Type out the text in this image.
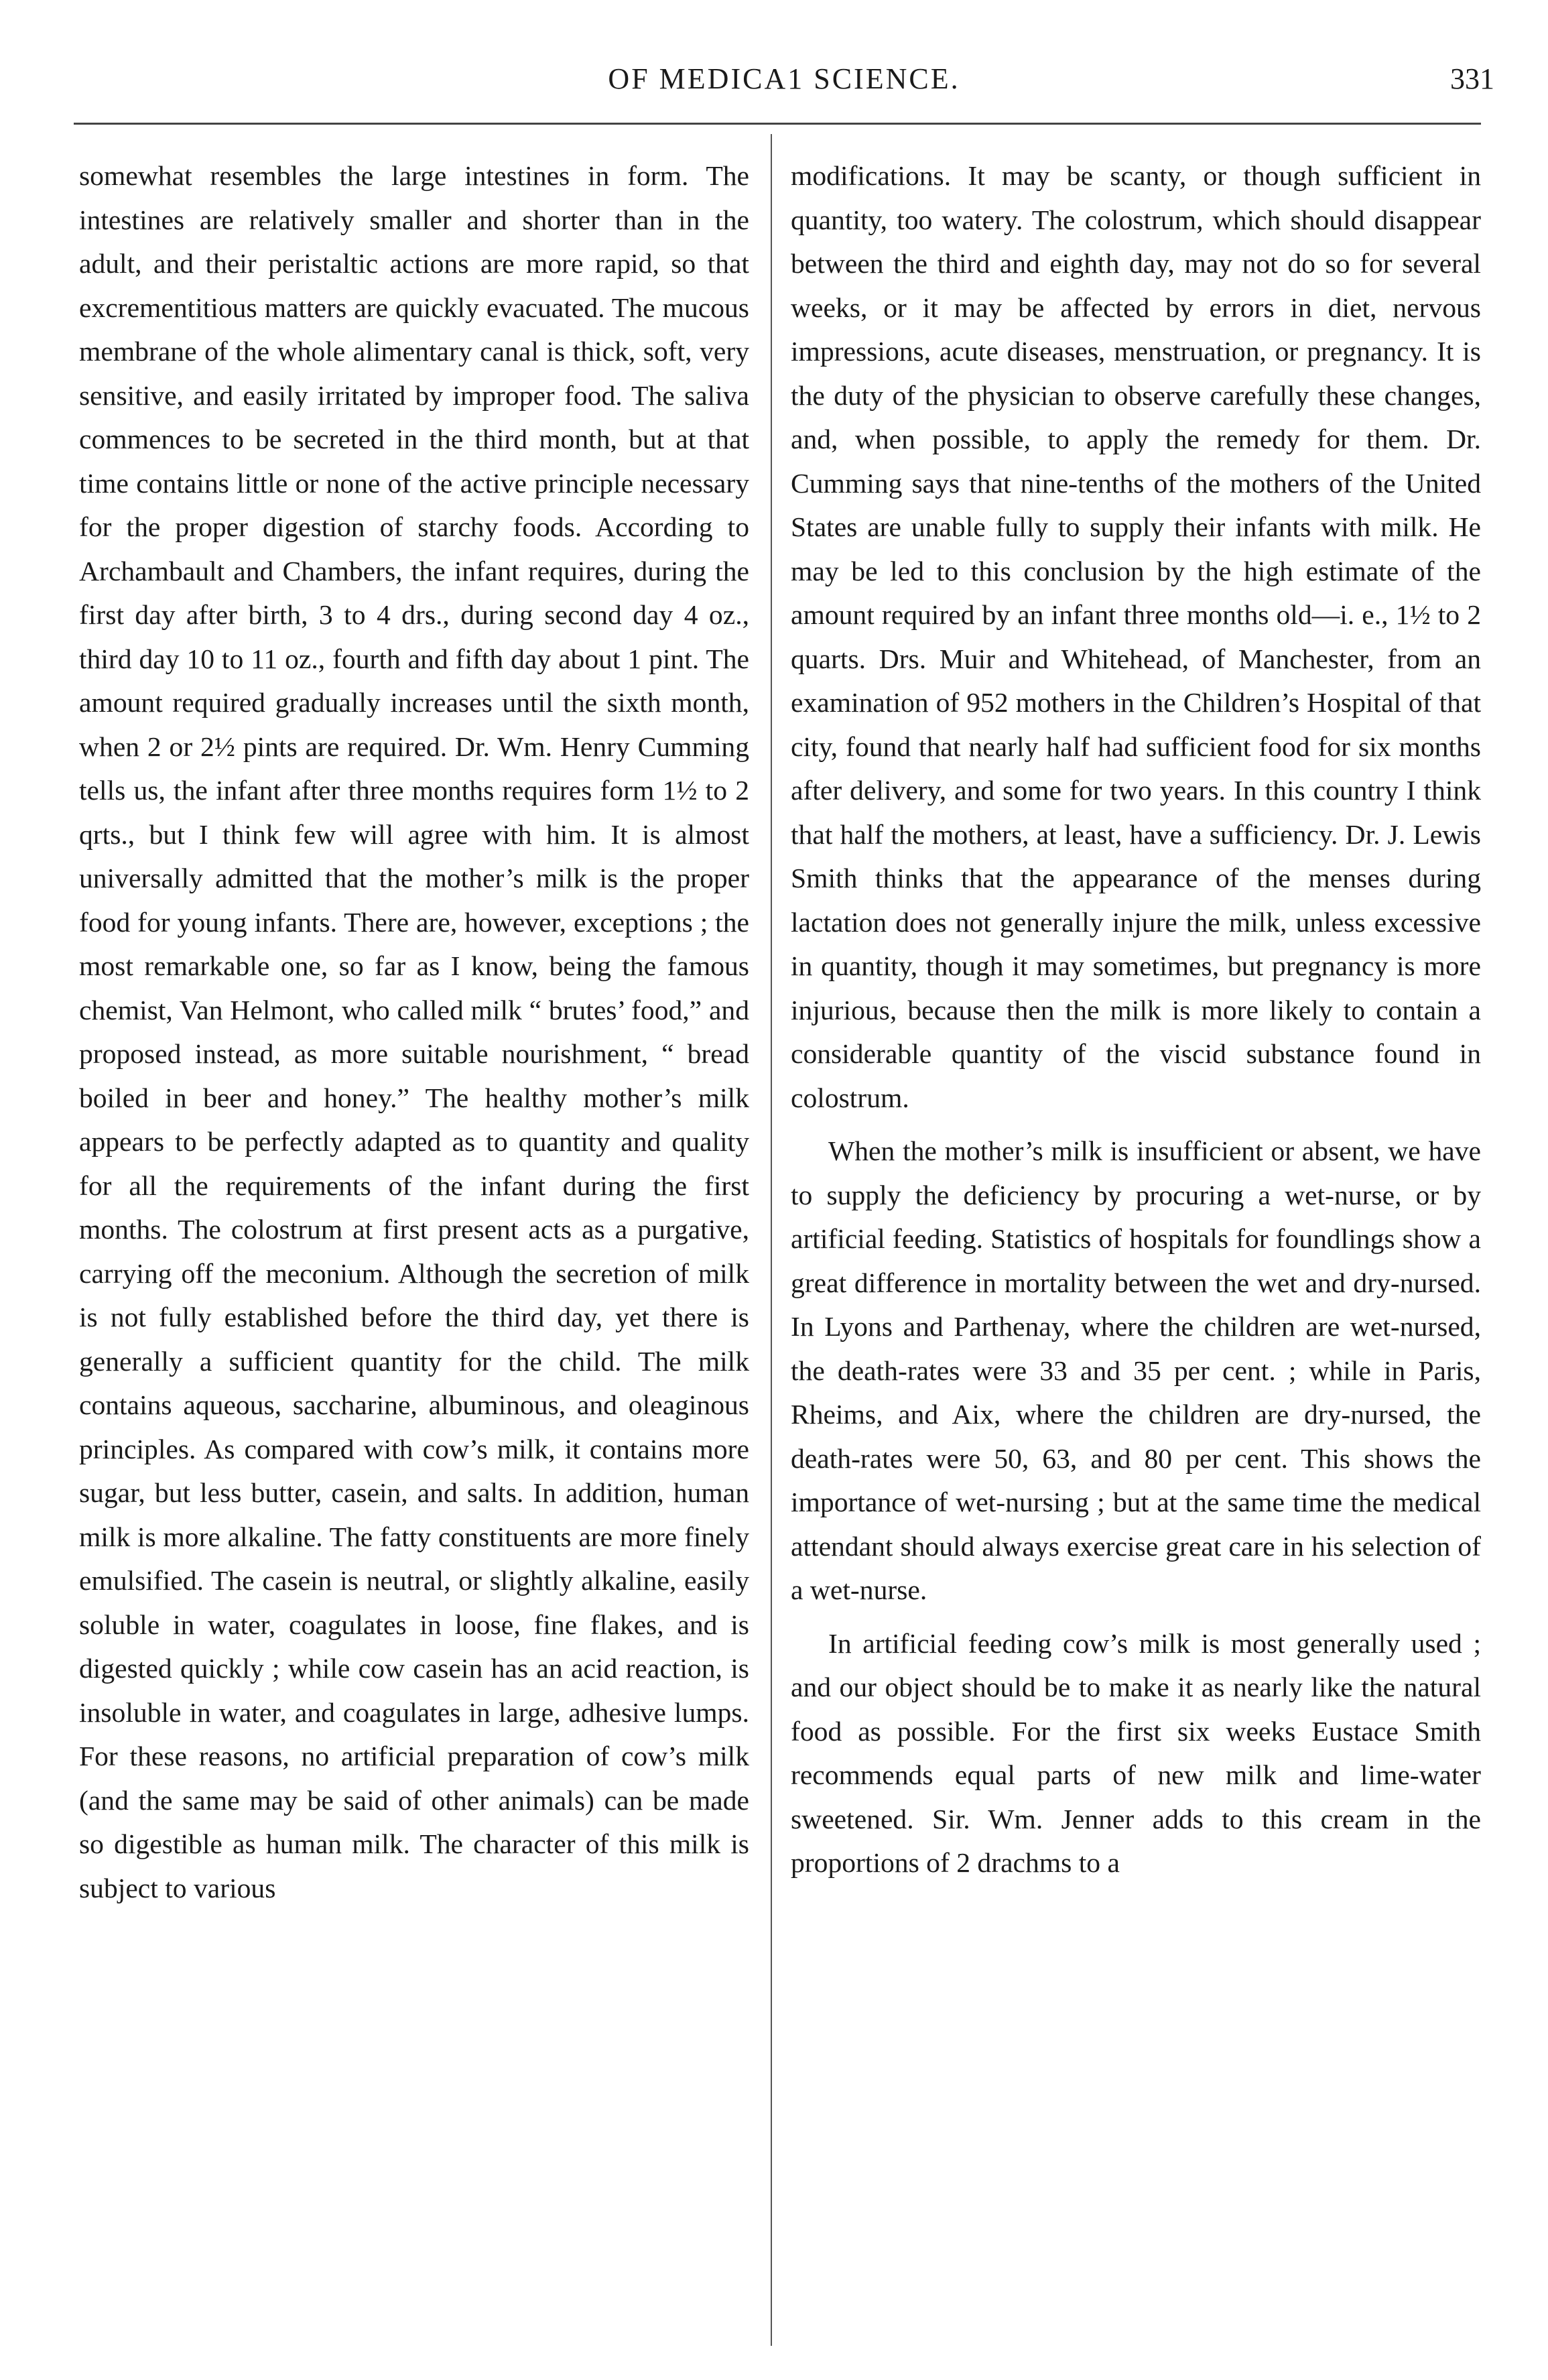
OF MEDICA1 SCIENCE.	331

somewhat resembles the large intestines in form. The intestines are relatively smaller and shorter than in the adult, and their peristaltic actions are more rapid, so that excrementitious matters are quickly evacuated. The mucous membrane of the whole alimentary canal is thick, soft, very sensitive, and easily irritated by improper food. The saliva commences to be secreted in the third month, but at that time contains little or none of the active principle necessary for the proper digestion of starchy foods. According to Archambault and Chambers, the infant requires, during the first day after birth, 3 to 4 drs., during second day 4 oz., third day 10 to 11 oz., fourth and fifth day about 1 pint. The amount required gradually increases until the sixth month, when 2 or 2½ pints are required. Dr. Wm. Henry Cumming tells us, the infant after three months requires form 1½ to 2 qrts., but I think few will agree with him. It is almost universally admitted that the mother’s milk is the proper food for young infants. There are, however, exceptions ; the most remarkable one, so far as I know, being the famous chemist, Van Helmont, who called milk “ brutes’ food,” and proposed instead, as more suitable nourishment, “ bread boiled in beer and honey.” The healthy mother’s milk appears to be perfectly adapted as to quantity and quality for all the requirements of the infant during the first months. The colostrum at first present acts as a purgative, carrying off the meconium. Although the secretion of milk is not fully established before the third day, yet there is generally a sufficient quantity for the child. The milk contains aqueous, saccharine, albuminous, and oleaginous principles. As compared with cow’s milk, it contains more sugar, but less butter, casein, and salts. In addition, human milk is more alkaline. The fatty constituents are more finely emulsified. The casein is neutral, or slightly alkaline, easily soluble in water, coagulates in loose, fine flakes, and is digested quickly ; while cow casein has an acid reaction, is insoluble in water, and coagulates in large, adhesive lumps. For these reasons, no artificial preparation of cow’s milk (and the same may be said of other animals) can be made so digestible as human milk. The character of this milk is subject to various

modifications. It may be scanty, or though sufficient in quantity, too watery. The colostrum, which should disappear between the third and eighth day, may not do so for several weeks, or it may be affected by errors in diet, nervous impressions, acute diseases, menstruation, or pregnancy. It is the duty of the physician to observe carefully these changes, and, when possible, to apply the remedy for them. Dr. Cumming says that nine-tenths of the mothers of the United States are unable fully to supply their infants with milk. He may be led to this conclusion by the high estimate of the amount required by an infant three months old—i. e., 1½ to 2 quarts. Drs. Muir and Whitehead, of Manchester, from an examination of 952 mothers in the Children’s Hospital of that city, found that nearly half had sufficient food for six months after delivery, and some for two years. In this country I think that half the mothers, at least, have a sufficiency. Dr. J. Lewis Smith thinks that the appearance of the menses during lactation does not generally injure the milk, unless excessive in quantity, though it may sometimes, but pregnancy is more injurious, because then the milk is more likely to contain a considerable quantity of the viscid substance found in colostrum.

When the mother’s milk is insufficient or absent, we have to supply the deficiency by procuring a wet-nurse, or by artificial feeding. Statistics of hospitals for foundlings show a great difference in mortality between the wet and dry-nursed. In Lyons and Parthenay, where the children are wet-nursed, the death-rates were 33 and 35 per cent. ; while in Paris, Rheims, and Aix, where the children are dry-nursed, the death-rates were 50, 63, and 80 per cent. This shows the importance of wet-nursing ; but at the same time the medical attendant should always exercise great care in his selection of a wet-nurse.

In artificial feeding cow’s milk is most generally used ; and our object should be to make it as nearly like the natural food as possible. For the first six weeks Eustace Smith recommends equal parts of new milk and lime-water sweetened. Sir. Wm. Jenner adds to this cream in the proportions of 2 drachms to a
